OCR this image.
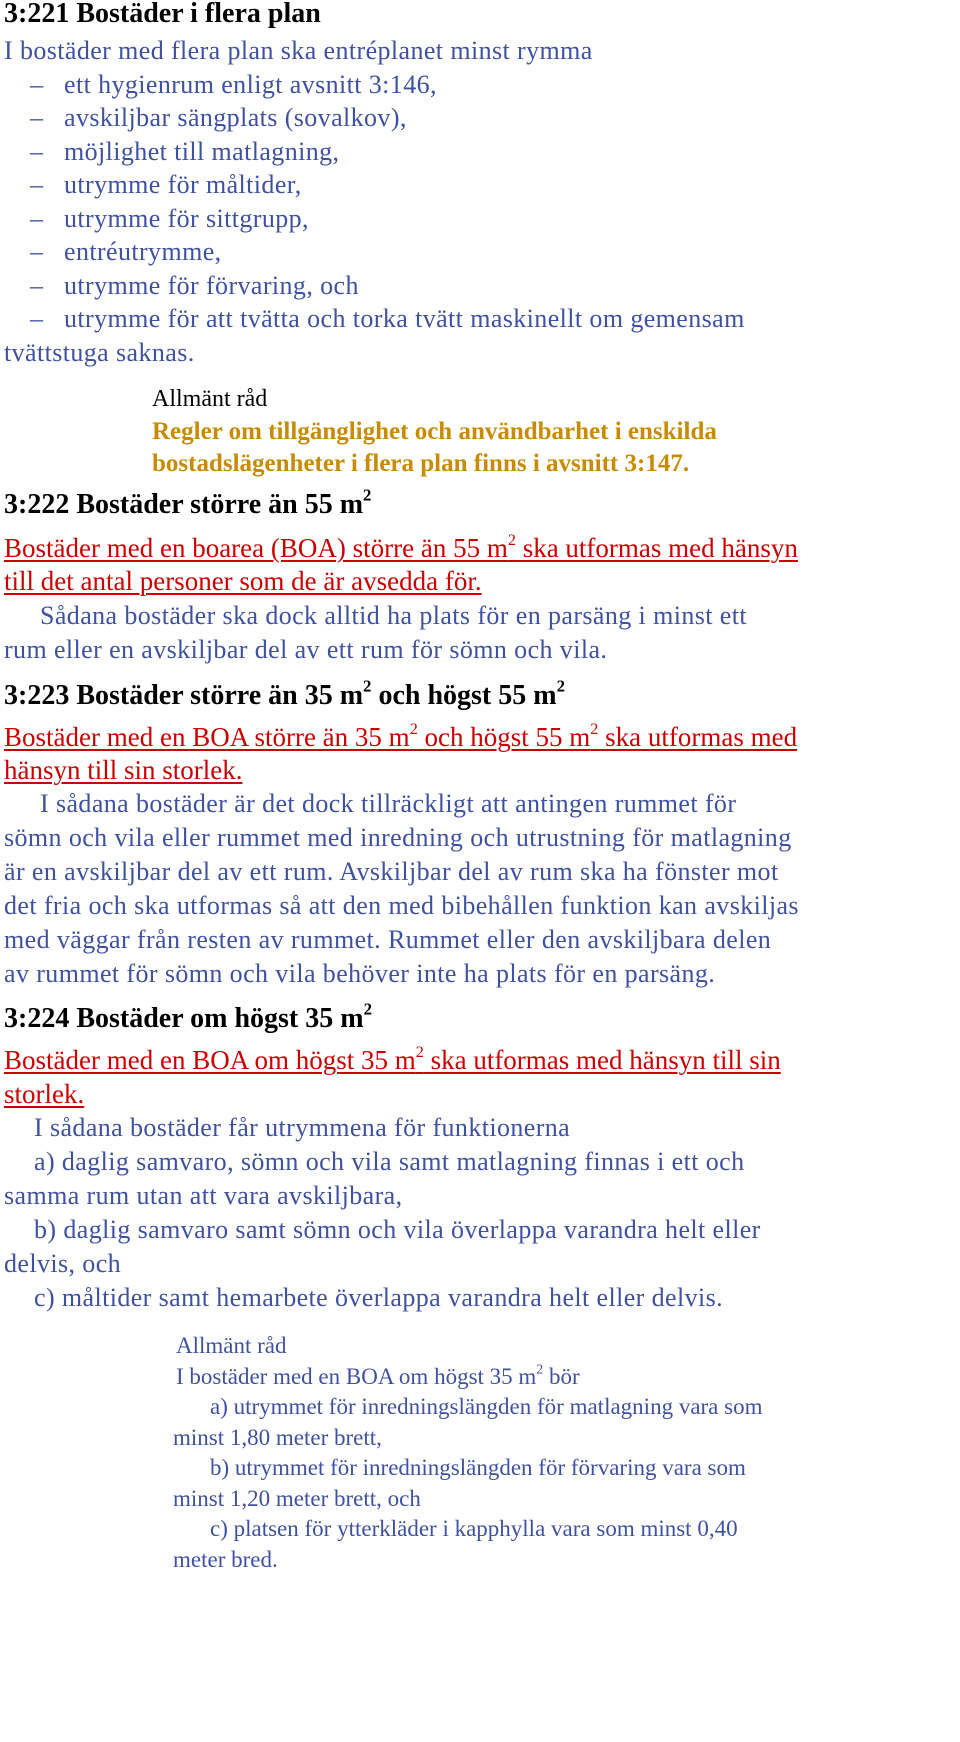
3:221 Bostäder i flera plan
I bostäder med flera plan ska entréplanet minst rymma
– ett hygienrum enligt avsnitt 3:146,
– avskiljbar sängplats (sovalkov),
– möjlighet till matlagning,
– utrymme för måltider,
– utrymme för sittgrupp,
– entréutrymme,
– utrymme för förvaring, och
– utrymme för att tvätta och torka tvätt maskinellt om gemensam
tvättstuga saknas.
Allmänt råd
Regler om tillgänglighet och användbarhet i enskilda
bostadslägenheter i flera plan finns i avsnitt 3:147.
3:222 Bostäder större än 55 $m^2$
Bostäder med en boarea (BOA) större än 55 $m^2$ ska utformas med hänsyn
till det antal personer som de är avsedda för.
Sådana bostäder ska dock alltid ha plats för en parsäng i minst ett
rum eller en avskiljbar del av ett rum för sömn och vila.
3:223 Bostäder större än 35 $m^2$ och högst 55 $m^2$
Bostäder med en BOA större än 35 $m^2$ och högst 55 $m^2$ ska utformas med
hänsyn till sin storlek.
I sådana bostäder är det dock tillräckligt att antingen rummet för
sömn och vila eller rummet med inredning och utrustning för matlagning
är en avskiljbar del av ett rum. Avskiljbar del av rum ska ha fönster mot
det fria och ska utformas så att den med bibehållen funktion kan avskiljas
med väggar från resten av rummet. Rummet eller den avskiljbara delen
av rummet för sömn och vila behöver inte ha plats för en parsäng.
3:224 Bostäder om högst 35 $m^2$
Bostäder med en BOA om högst 35 $m^2$ ska utformas med hänsyn till sin
storlek.
I sådana bostäder får utrymmena för funktionerna
a) daglig samvaro, sömn och vila samt matlagning finnas i ett och
samma rum utan att vara avskiljbara,
b) daglig samvaro samt sömn och vila överlappa varandra helt eller
delvis, och
c) måltider samt hemarbete överlappa varandra helt eller delvis.
Allmänt råd
I bostäder med en BOA om högst 35 $m^2$ bör
a) utrymmet för inredningslängden för matlagning vara som
minst 1,80 meter brett,
b) utrymmet för inredningslängden för förvaring vara som
minst 1,20 meter brett, och
c) platsen för ytterkläder i kapphylla vara som minst 0,40
meter bred.
